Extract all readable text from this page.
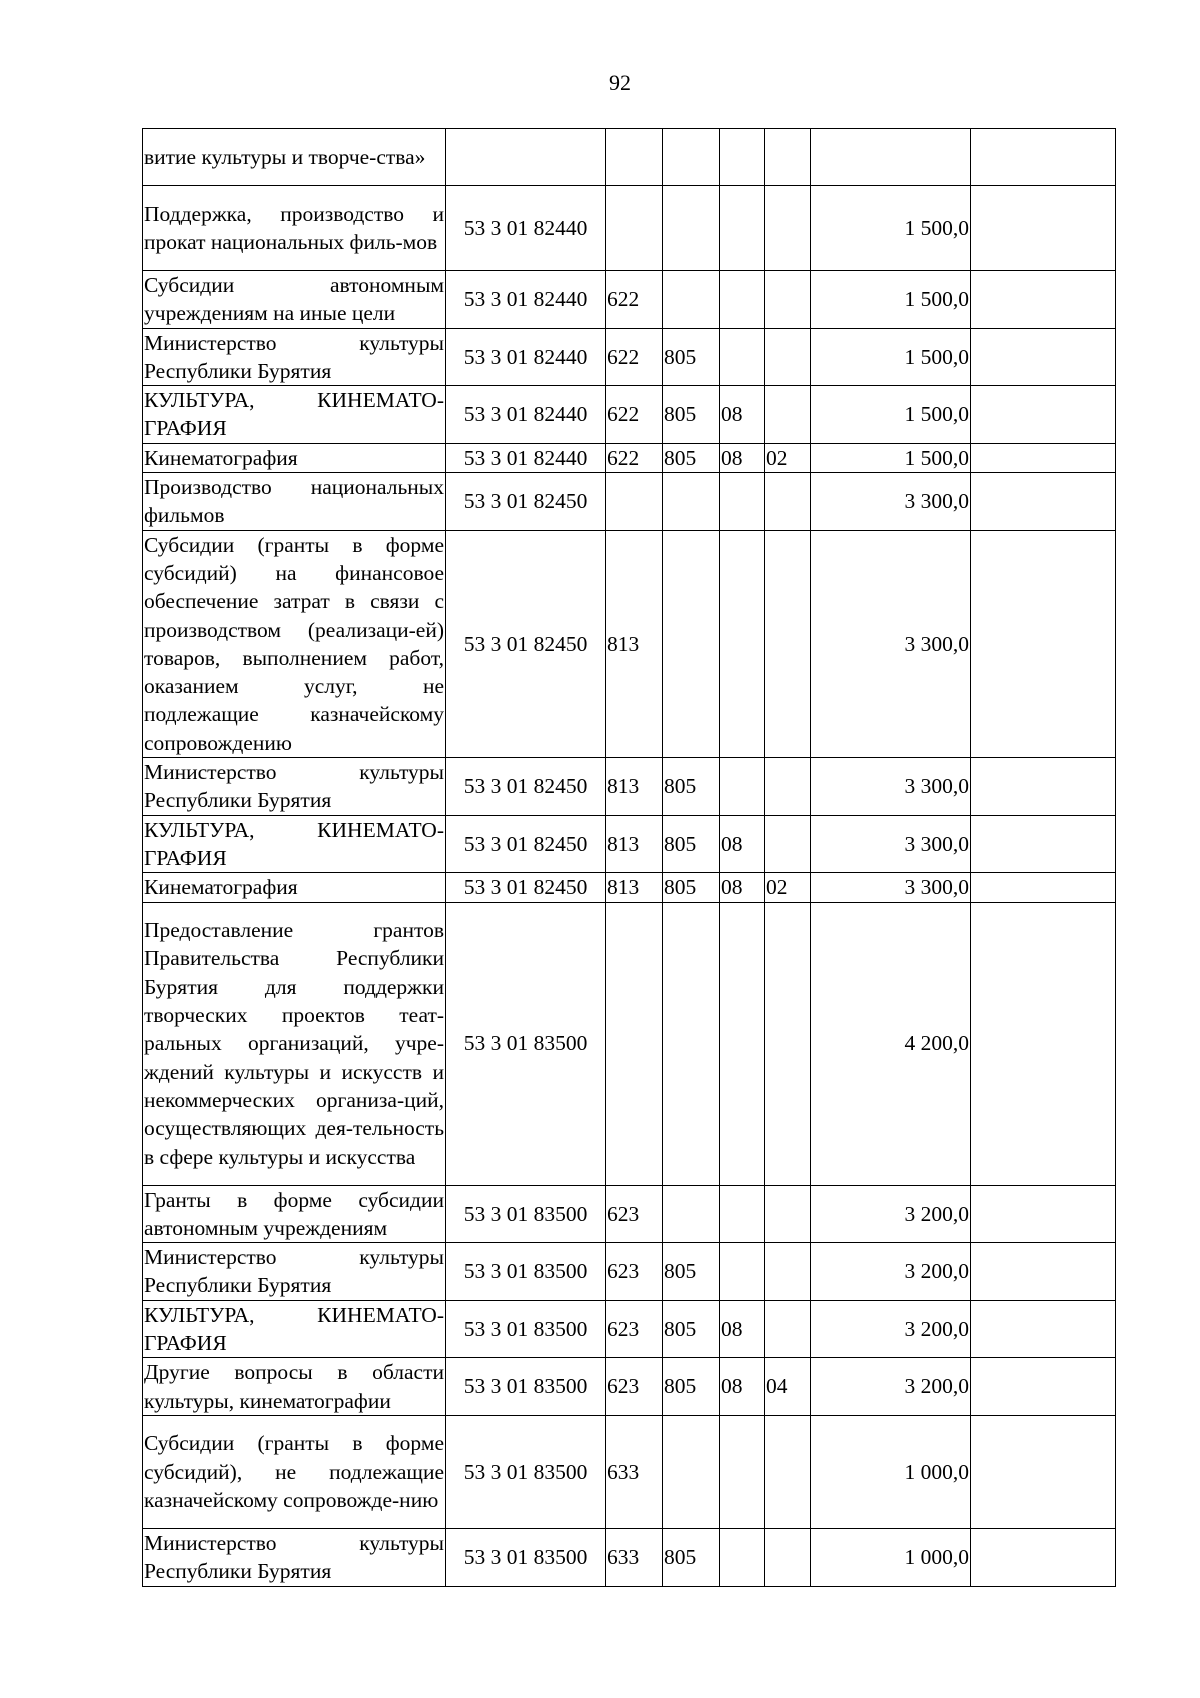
92
витие культуры и творче-ства»							
Поддержка, производство и прокат национальных филь-мов	53 3 01 82440					1 500,0	
Субсидии автономным учреждениям на иные цели	53 3 01 82440	622				1 500,0	
Министерство культуры Республики Бурятия	53 3 01 82440	622	805			1 500,0	
КУЛЬТУРА, КИНЕМАТО-ГРАФИЯ	53 3 01 82440	622	805	08		1 500,0	
Кинематография	53 3 01 82440	622	805	08	02	1 500,0	
Производство национальных фильмов	53 3 01 82450					3 300,0	
Субсидии (гранты в форме субсидий) на финансовое обеспечение затрат в связи с производством (реализаци-ей) товаров, выполнением работ, оказанием услуг, не подлежащие казначейскому сопровождению	53 3 01 82450	813				3 300,0	
Министерство культуры Республики Бурятия	53 3 01 82450	813	805			3 300,0	
КУЛЬТУРА, КИНЕМАТО-ГРАФИЯ	53 3 01 82450	813	805	08		3 300,0	
Кинематография	53 3 01 82450	813	805	08	02	3 300,0	
Предоставление грантов Правительства Республики Бурятия для поддержки творческих проектов теат-ральных организаций, учре-ждений культуры и искусств и некоммерческих организа-ций, осуществляющих дея-тельность в сфере культуры и искусства	53 3 01 83500					4 200,0	
Гранты в форме субсидии автономным учреждениям	53 3 01 83500	623				3 200,0	
Министерство культуры Республики Бурятия	53 3 01 83500	623	805			3 200,0	
КУЛЬТУРА, КИНЕМАТО-ГРАФИЯ	53 3 01 83500	623	805	08		3 200,0	
Другие вопросы в области культуры, кинематографии	53 3 01 83500	623	805	08	04	3 200,0	
Субсидии (гранты в форме субсидий), не подлежащие казначейскому сопровожде-нию	53 3 01 83500	633				1 000,0	
Министерство культуры Республики Бурятия	53 3 01 83500	633	805			1 000,0	
